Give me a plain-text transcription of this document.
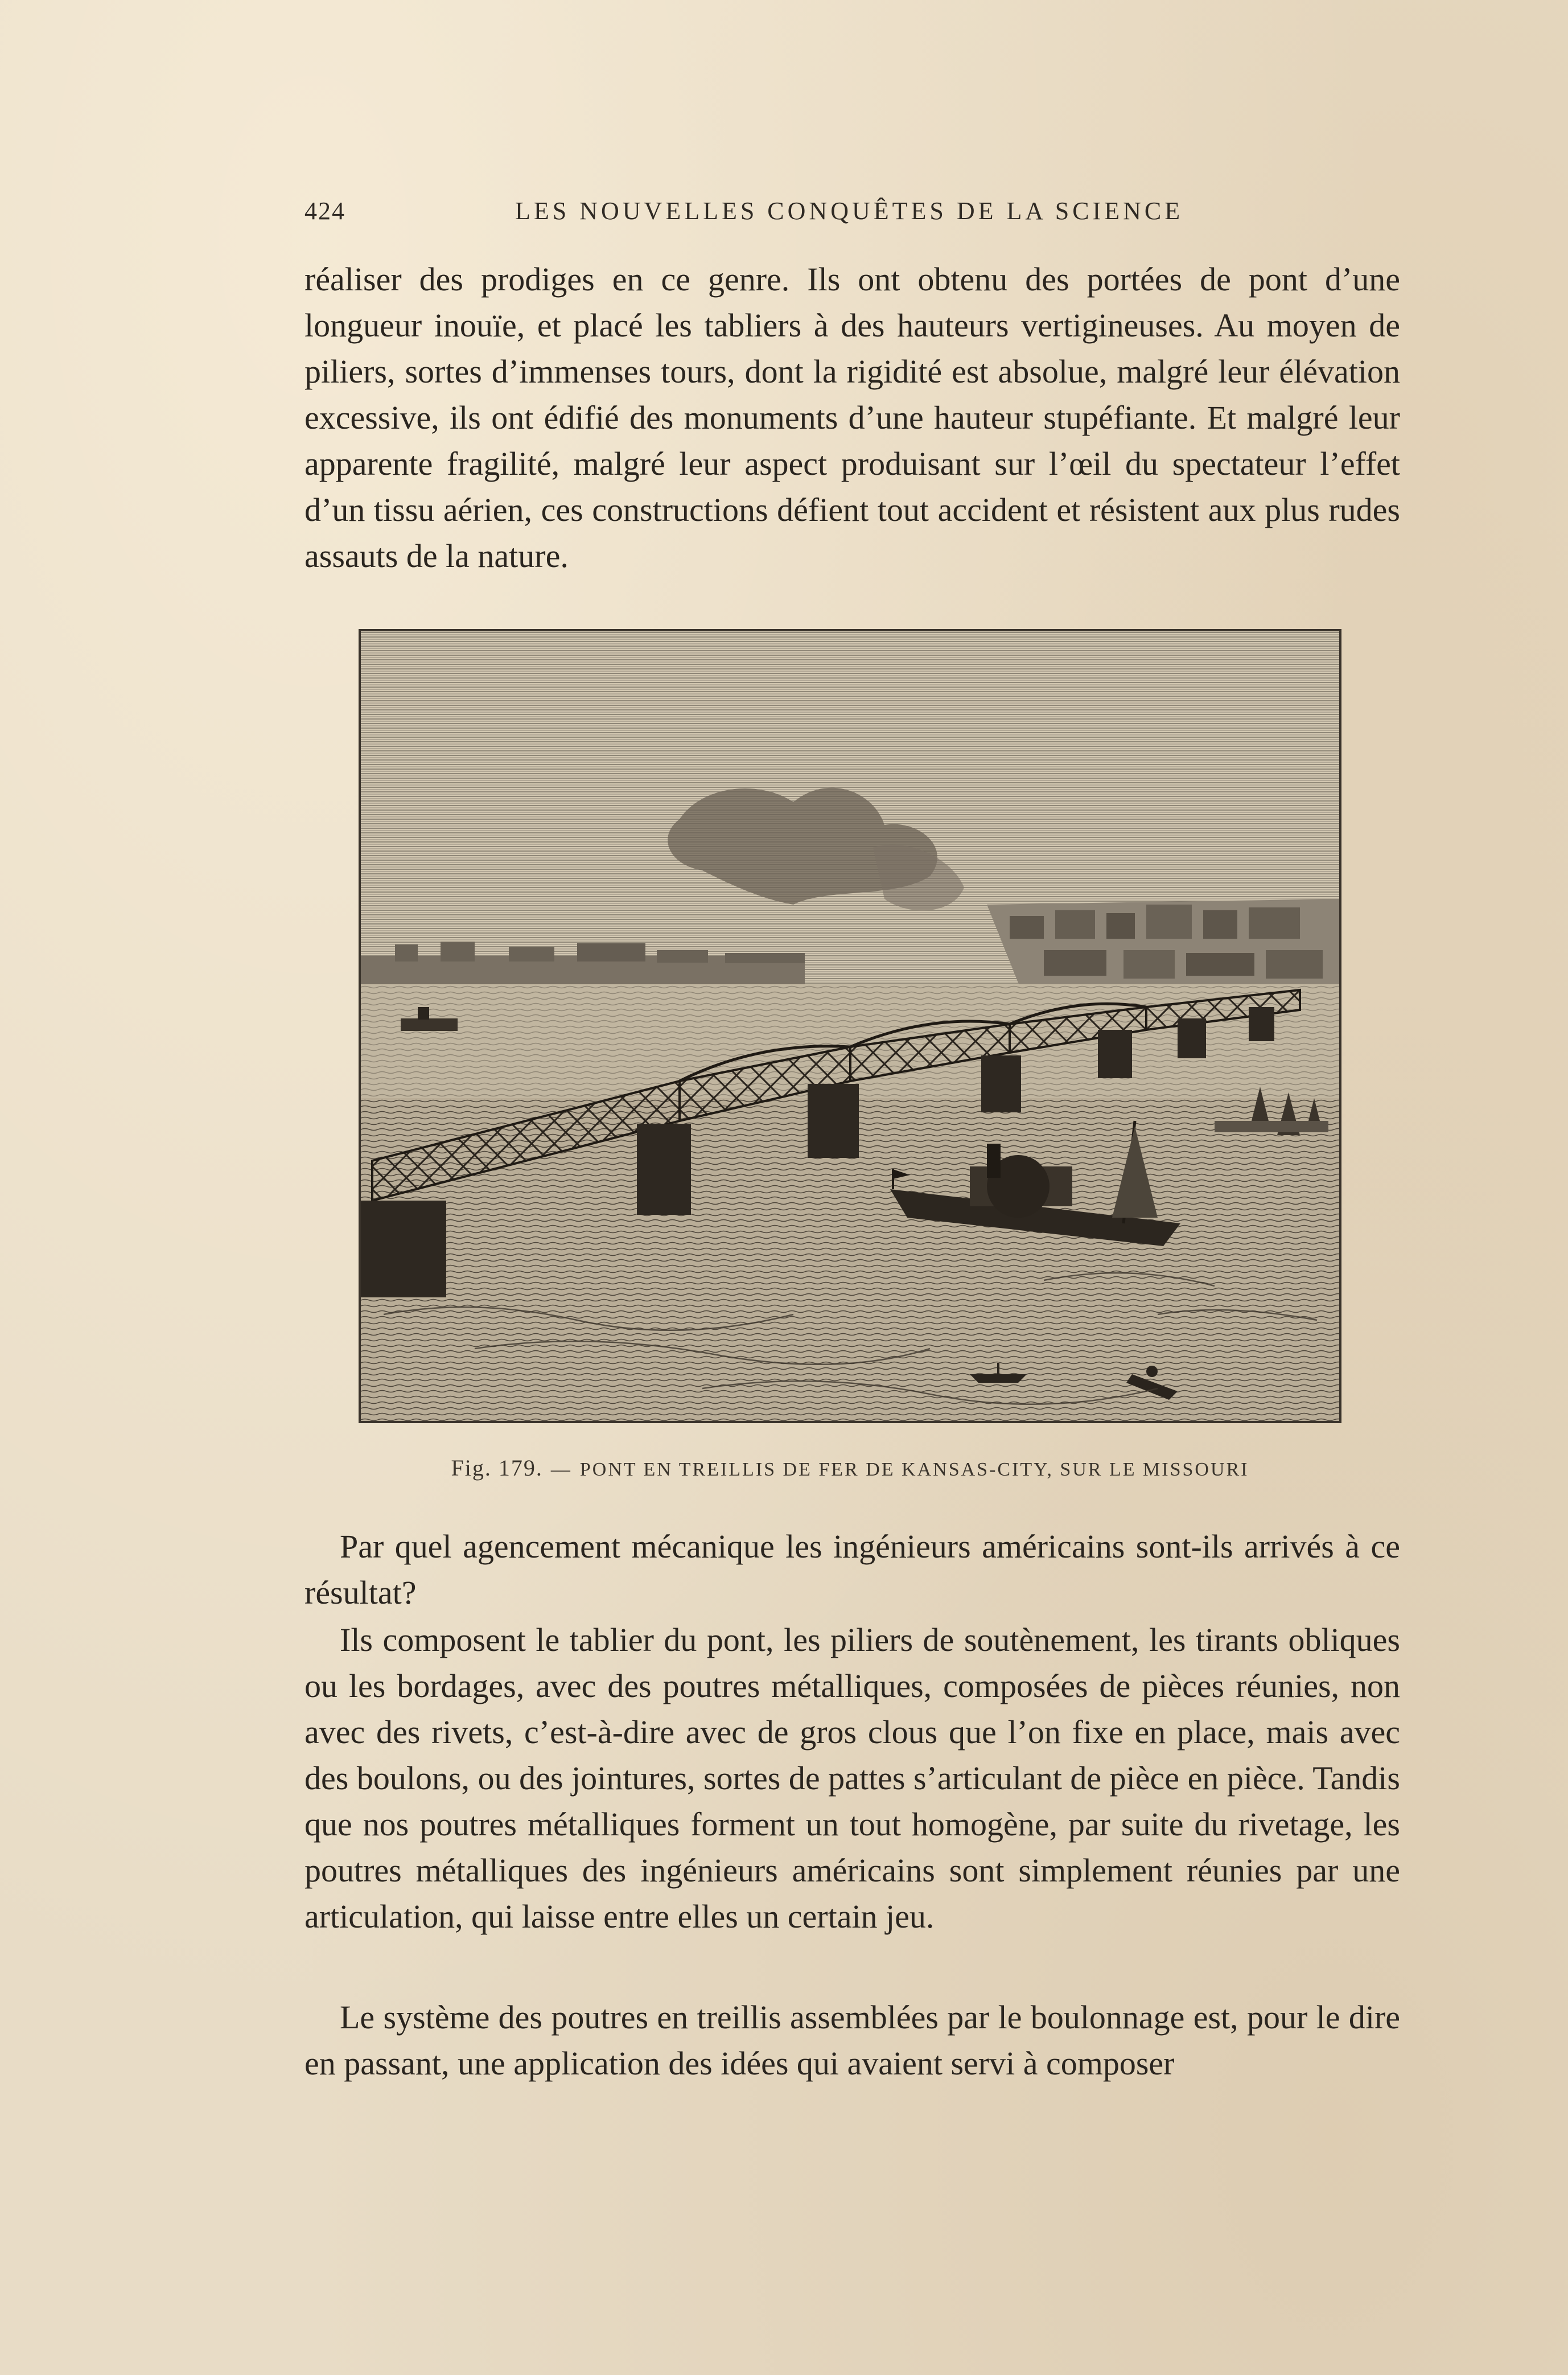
424	LES NOUVELLES CONQUÊTES DE LA SCIENCE

réaliser des prodiges en ce genre. Ils ont obtenu des portées de pont d’une longueur inouïe, et placé les tabliers à des hauteurs vertigineuses. Au moyen de piliers, sortes d’immenses tours, dont la rigidité est absolue, malgré leur élévation excessive, ils ont édifié des monuments d’une hauteur stupéfiante. Et malgré leur apparente fragilité, malgré leur aspect produisant sur l’œil du spectateur l’effet d’un tissu aérien, ces constructions défient tout accident et résistent aux plus rudes assauts de la nature.

Fig. 179. — PONT EN TREILLIS DE FER DE KANSAS-CITY, SUR LE MISSOURI

Par quel agencement mécanique les ingénieurs américains sont-ils arrivés à ce résultat?

Ils composent le tablier du pont, les piliers de soutènement, les tirants obliques ou les bordages, avec des poutres métalliques, composées de pièces réunies, non avec des rivets, c’est-à-dire avec de gros clous que l’on fixe en place, mais avec des boulons, ou des jointures, sortes de pattes s’articulant de pièce en pièce. Tandis que nos poutres métalliques forment un tout homogène, par suite du rivetage, les poutres métalliques des ingénieurs américains sont simplement réunies par une articulation, qui laisse entre elles un certain jeu.

Le système des poutres en treillis assemblées par le boulonnage est, pour le dire en passant, une application des idées qui avaient servi à composer
